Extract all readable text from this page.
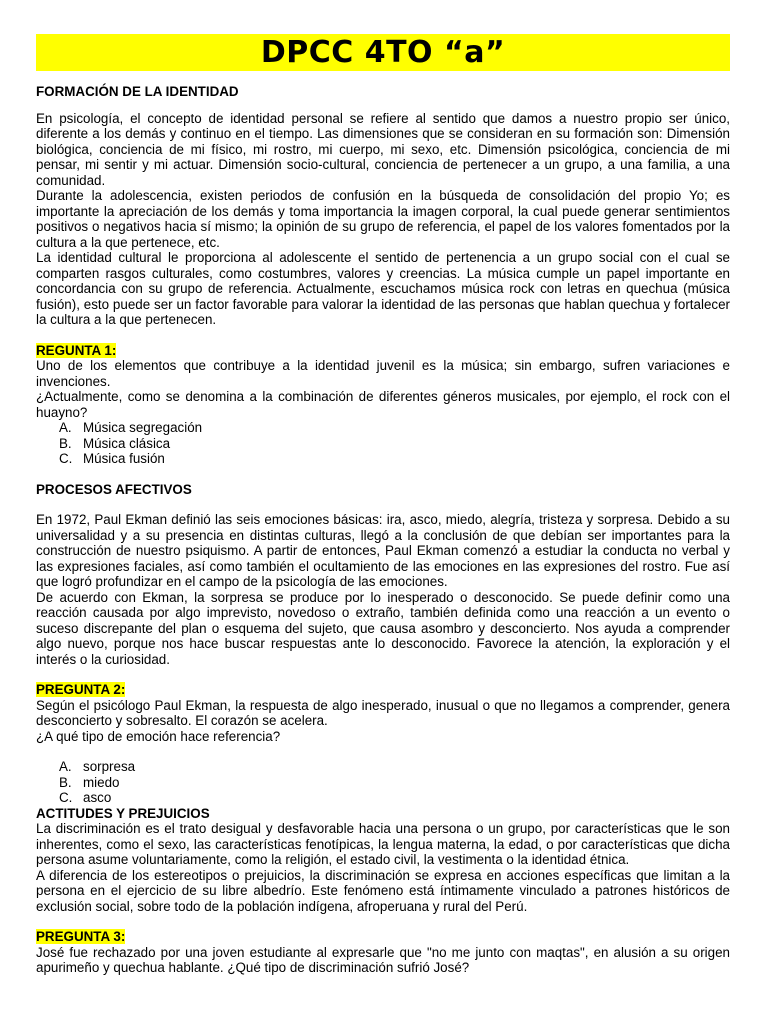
DPCC 4TO “a”

FORMACIÓN DE LA IDENTIDAD

En psicología, el concepto de identidad personal se refiere al sentido que damos a nuestro propio ser único, diferente a los demás y continuo en el tiempo. Las dimensiones que se consideran en su formación son: Dimensión biológica, conciencia de mi físico, mi rostro, mi cuerpo, mi sexo, etc. Dimensión psicológica, conciencia de mi pensar, mi sentir y mi actuar. Dimensión socio-cultural, conciencia de pertenecer a un grupo, a una familia, a una comunidad.

Durante la adolescencia, existen periodos de confusión en la búsqueda de consolidación del propio Yo; es importante la apreciación de los demás y toma importancia la imagen corporal, la cual puede generar sentimientos positivos o negativos hacia sí mismo; la opinión de su grupo de referencia, el papel de los valores fomentados por la cultura a la que pertenece, etc.

La identidad cultural le proporciona al adolescente el sentido de pertenencia a un grupo social con el cual se comparten rasgos culturales, como costumbres, valores y creencias. La música cumple un papel importante en concordancia con su grupo de referencia. Actualmente, escuchamos música rock con letras en quechua (música fusión), esto puede ser un factor favorable para valorar la identidad de las personas que hablan quechua y fortalecer la cultura a la que pertenecen.

REGUNTA 1:

Uno de los elementos que contribuye a la identidad juvenil es la música; sin embargo, sufren variaciones e invenciones.

¿Actualmente, como se denomina a la combinación de diferentes géneros musicales, por ejemplo, el rock con el huayno?

A. Música segregación
B. Música clásica
C. Música fusión

PROCESOS AFECTIVOS

En 1972, Paul Ekman definió las seis emociones básicas: ira, asco, miedo, alegría, tristeza y sorpresa. Debido a su universalidad y a su presencia en distintas culturas, llegó a la conclusión de que debían ser importantes para la construcción de nuestro psiquismo. A partir de entonces, Paul Ekman comenzó a estudiar la conducta no verbal y las expresiones faciales, así como también el ocultamiento de las emociones en las expresiones del rostro. Fue así que logró profundizar en el campo de la psicología de las emociones.

De acuerdo con Ekman, la sorpresa se produce por lo inesperado o desconocido. Se puede definir como una reacción causada por algo imprevisto, novedoso o extraño, también definida como una reacción a un evento o suceso discrepante del plan o esquema del sujeto, que causa asombro y desconcierto. Nos ayuda a comprender algo nuevo, porque nos hace buscar respuestas ante lo desconocido. Favorece la atención, la exploración y el interés o la curiosidad.

PREGUNTA 2:

Según el psicólogo Paul Ekman, la respuesta de algo inesperado, inusual o que no llegamos a comprender, genera desconcierto y sobresalto. El corazón se acelera.

¿A qué tipo de emoción hace referencia?

A. sorpresa
B. miedo
C. asco

ACTITUDES Y PREJUICIOS

La discriminación es el trato desigual y desfavorable hacia una persona o un grupo, por características que le son inherentes, como el sexo, las características fenotípicas, la lengua materna, la edad, o por características que dicha persona asume voluntariamente, como la religión, el estado civil, la vestimenta o la identidad étnica.

A diferencia de los estereotipos o prejuicios, la discriminación se expresa en acciones específicas que limitan a la persona en el ejercicio de su libre albedrío. Este fenómeno está íntimamente vinculado a patrones históricos de exclusión social, sobre todo de la población indígena, afroperuana y rural del Perú.

PREGUNTA 3:

José fue rechazado por una joven estudiante al expresarle que "no me junto con maqtas", en alusión a su origen apurimeño y quechua hablante. ¿Qué tipo de discriminación sufrió José?
